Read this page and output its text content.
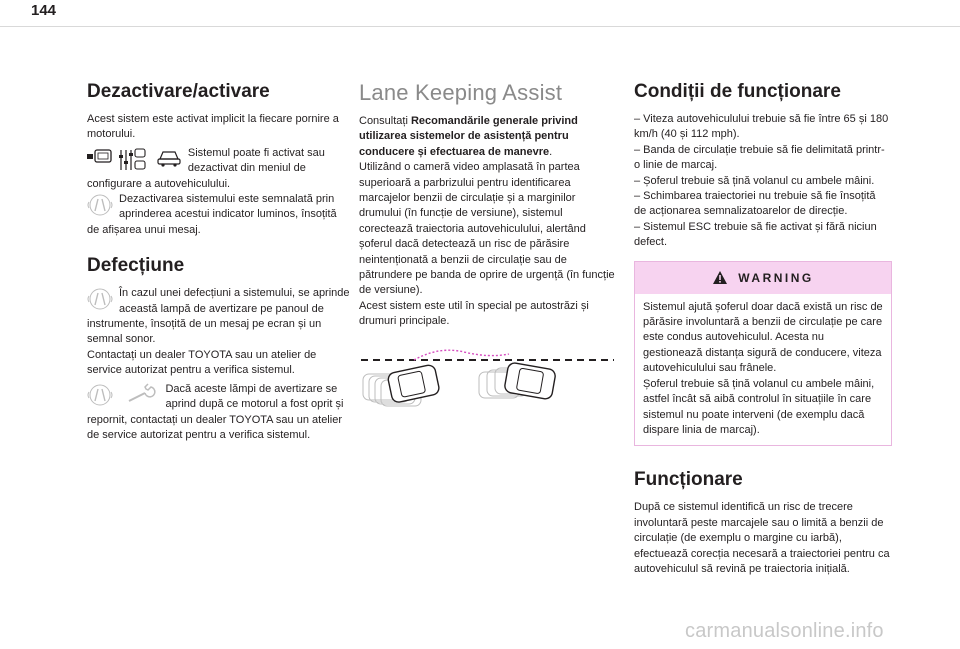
144
Dezactivare/activare

Acest sistem este activat implicit la fiecare pornire a motorului.

Sistemul poate fi activat sau dezactivat din meniul de configurare a autovehiculului.

Dezactivarea sistemului este semnalată prin aprinderea acestui indicator luminos, însoțită de afișarea unui mesaj.

Defecțiune

În cazul unei defecțiuni a sistemului, se aprinde această lampă de avertizare pe panoul de instrumente, însoțită de un mesaj pe ecran și un semnal sonor.

Contactați un dealer TOYOTA sau un atelier de service autorizat pentru a verifica sistemul.

Dacă aceste lămpi de avertizare se aprind după ce motorul a fost oprit și repornit, contactați un dealer TOYOTA sau un atelier de service autorizat pentru a verifica sistemul.

Lane Keeping Assist

Consultați Recomandările generale privind utilizarea sistemelor de asistență pentru conducere și efectuarea de manevre.

Utilizând o cameră video amplasată în partea superioară a parbrizului pentru identificarea marcajelor benzii de circulație și a marginilor drumului (în funcție de versiune), sistemul corectează traiectoria autovehiculului, alertând șoferul dacă detectează un risc de părăsire neintenționată a benzii de circulație sau de pătrundere pe banda de oprire de urgență (în funcție de versiune).

Acest sistem este util în special pe autostrăzi și drumuri principale.

Condiții de funcționare

– Viteza autovehiculului trebuie să fie între 65 și 180 km/h (40 și 112 mph).

– Banda de circulație trebuie să fie delimitată printr-o linie de marcaj.

– Șoferul trebuie să țină volanul cu ambele mâini.

– Schimbarea traiectoriei nu trebuie să fie însoțită de acționarea semnalizatoarelor de direcție.

– Sistemul ESC trebuie să fie activat și fără niciun defect.

WARNING

Sistemul ajută șoferul doar dacă există un risc de părăsire involuntară a benzii de circulație pe care este condus autovehiculul. Acesta nu gestionează distanța sigură de conducere, viteza autovehiculului sau frânele.

Șoferul trebuie să țină volanul cu ambele mâini, astfel încât să aibă controlul în situațiile în care sistemul nu poate interveni (de exemplu dacă dispare linia de marcaj).

Funcționare

După ce sistemul identifică un risc de trecere involuntară peste marcajele sau o limită a benzii de circulație (de exemplu o margine cu iarbă), efectuează corecția necesară a traiectoriei pentru ca autovehiculul să revină pe traiectoria inițială.

carmanualsonline.info
